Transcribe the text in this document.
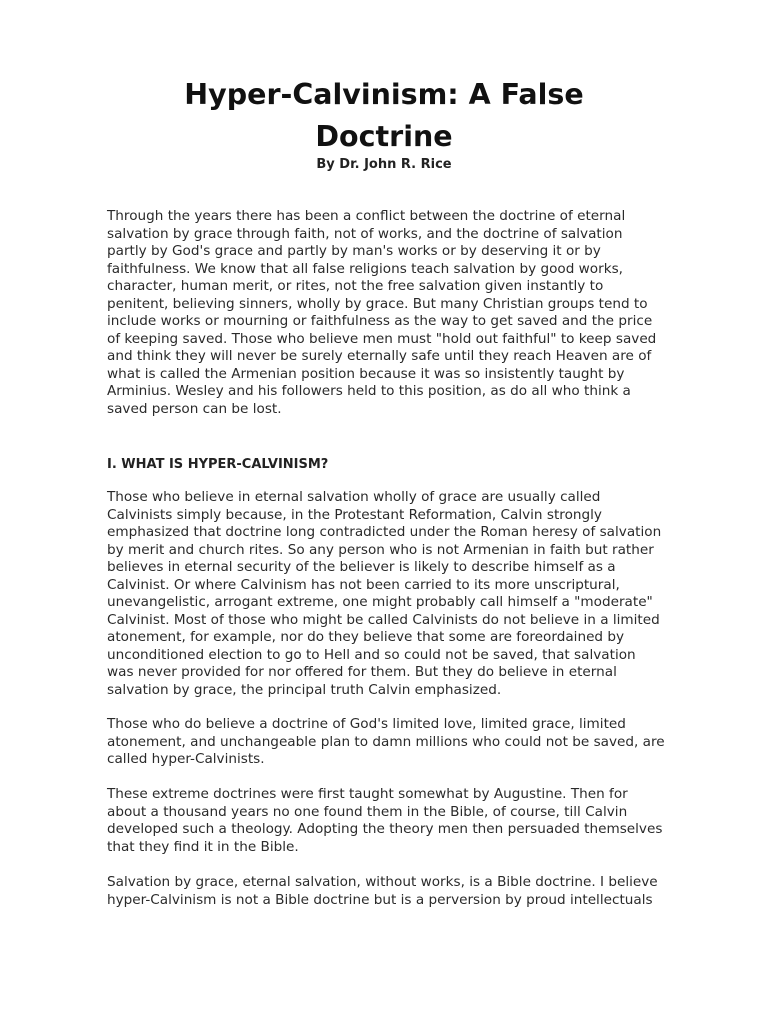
Hyper-Calvinism: A False
Doctrine
By Dr. John R. Rice

Through the years there has been a conflict between the doctrine of eternal
salvation by grace through faith, not of works, and the doctrine of salvation
partly by God's grace and partly by man's works or by deserving it or by
faithfulness. We know that all false religions teach salvation by good works,
character, human merit, or rites, not the free salvation given instantly to
penitent, believing sinners, wholly by grace. But many Christian groups tend to
include works or mourning or faithfulness as the way to get saved and the price
of keeping saved. Those who believe men must "hold out faithful" to keep saved
and think they will never be surely eternally safe until they reach Heaven are of
what is called the Armenian position because it was so insistently taught by
Arminius. Wesley and his followers held to this position, as do all who think a
saved person can be lost.

I. WHAT IS HYPER-CALVINISM?

Those who believe in eternal salvation wholly of grace are usually called
Calvinists simply because, in the Protestant Reformation, Calvin strongly
emphasized that doctrine long contradicted under the Roman heresy of salvation
by merit and church rites. So any person who is not Armenian in faith but rather
believes in eternal security of the believer is likely to describe himself as a
Calvinist. Or where Calvinism has not been carried to its more unscriptural,
unevangelistic, arrogant extreme, one might probably call himself a "moderate"
Calvinist. Most of those who might be called Calvinists do not believe in a limited
atonement, for example, nor do they believe that some are foreordained by
unconditioned election to go to Hell and so could not be saved, that salvation
was never provided for nor offered for them. But they do believe in eternal
salvation by grace, the principal truth Calvin emphasized.

Those who do believe a doctrine of God's limited love, limited grace, limited
atonement, and unchangeable plan to damn millions who could not be saved, are
called hyper-Calvinists.

These extreme doctrines were first taught somewhat by Augustine. Then for
about a thousand years no one found them in the Bible, of course, till Calvin
developed such a theology. Adopting the theory men then persuaded themselves
that they find it in the Bible.

Salvation by grace, eternal salvation, without works, is a Bible doctrine. I believe
hyper-Calvinism is not a Bible doctrine but is a perversion by proud intellectuals
